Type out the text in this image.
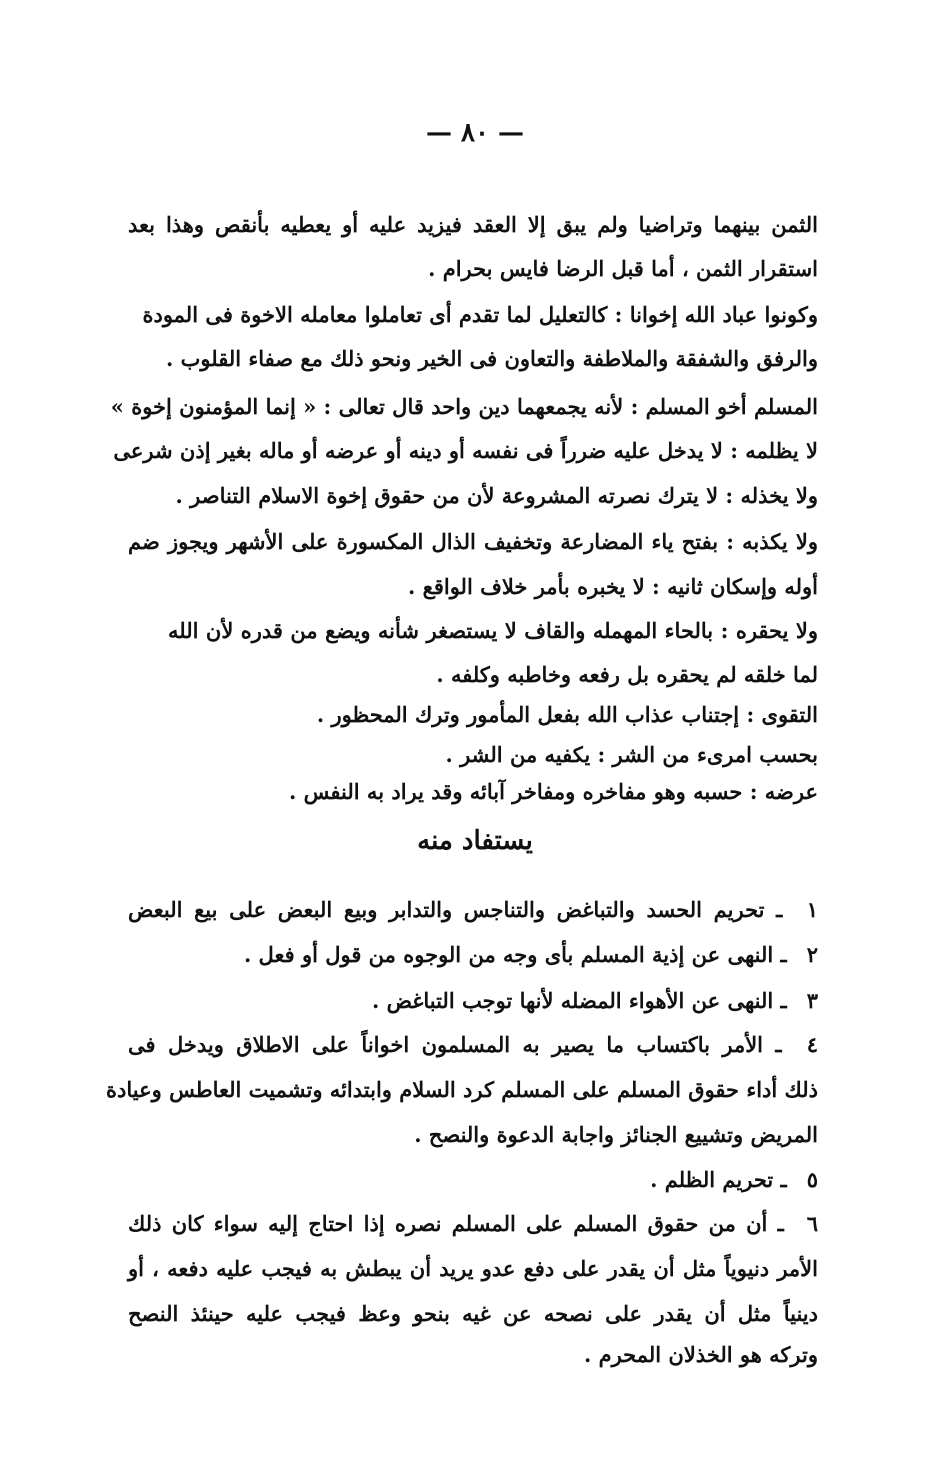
— ٨٠ —
الثمن بينهما وتراضيا ولم يبق إلا العقد فيزيد عليه أو يعطيه بأنقص وهذا بعد
استقرار الثمن ، أما قبل الرضا فايس بحرام .
وكونوا عباد الله إخوانا : كالتعليل لما تقدم أى تعاملوا معامله الاخوة فى المودة
والرفق والشفقة والملاطفة والتعاون فى الخير ونحو ذلك مع صفاء القلوب .
المسلم أخو المسلم : لأنه يجمعهما دين واحد قال تعالى : « إنما المؤمنون إخوة »
لا يظلمه : لا يدخل عليه ضرراً فى نفسه أو دينه أو عرضه أو ماله بغير إذن شرعى
ولا يخذله : لا يترك نصرته المشروعة لأن من حقوق إخوة الاسلام التناصر .
ولا يكذبه : بفتح ياء المضارعة وتخفيف الذال المكسورة على الأشهر ويجوز ضم
أوله وإسكان ثانيه : لا يخبره بأمر خلاف الواقع .
ولا يحقره : بالحاء المهمله والقاف لا يستصغر شأنه ويضع من قدره لأن الله
لما خلقه لم يحقره بل رفعه وخاطبه وكلفه .
التقوى : إجتناب عذاب الله بفعل المأمور وترك المحظور .
بحسب امرىء من الشر : يكفيه من الشر .
عرضه : حسبه وهو مفاخره ومفاخر آبائه وقد يراد به النفس .
يستفاد منه
١ ـ تحريم الحسد والتباغض والتناجس والتدابر وبيع البعض على بيع البعض
٢ ـ النهى عن إذية المسلم بأى وجه من الوجوه من قول أو فعل .
٣ ـ النهى عن الأهواء المضله لأنها توجب التباغض .
٤ ـ الأمر باكتساب ما يصير به المسلمون اخواناً على الاطلاق ويدخل فى
ذلك أداء حقوق المسلم على المسلم كرد السلام وابتدائه وتشميت العاطس وعيادة
المريض وتشييع الجنائز واجابة الدعوة والنصح .
٥ ـ تحريم الظلم .
٦ ـ أن من حقوق المسلم على المسلم نصره إذا احتاج إليه سواء كان ذلك
الأمر دنيوياً مثل أن يقدر على دفع عدو يريد أن يبطش به فيجب عليه دفعه ، أو
دينياً مثل أن يقدر على نصحه عن غيه بنحو وعظ فيجب عليه حينئذ النصح
وتركه هو الخذلان المحرم .
